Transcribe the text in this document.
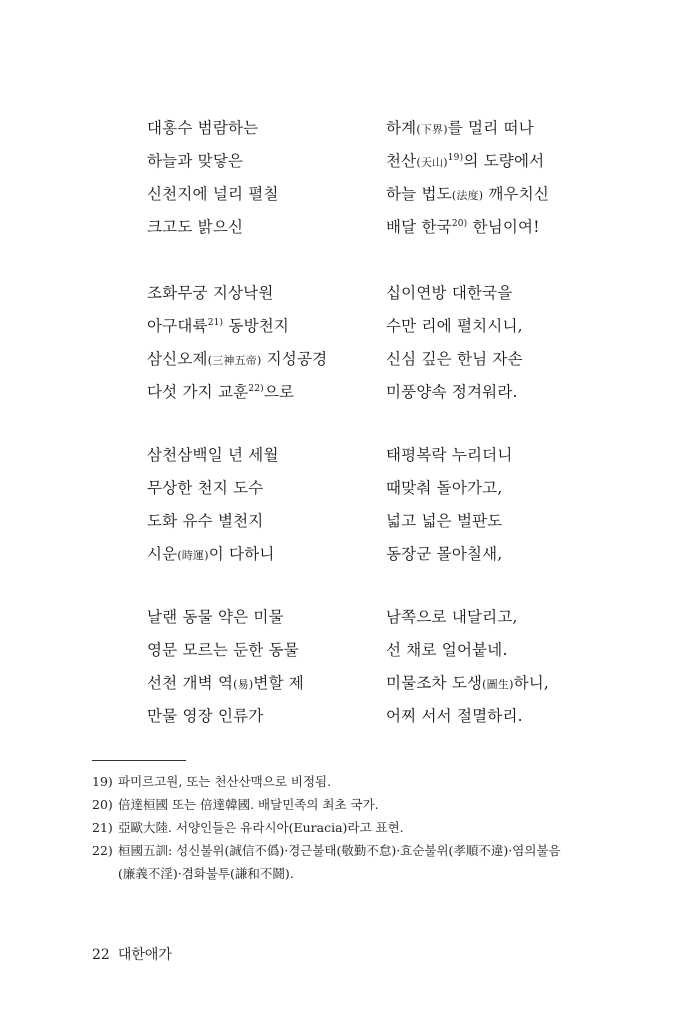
대홍수 범람하는
하늘과 맞닿은
신천지에 널리 펼칠
크고도 밝으신
하계(下界)를 멀리 떠나
천산(天山)$^{19)}$의 도량에서
하늘 법도(法度) 깨우치신
배달 한국$^{20)}$ 한님이여!
조화무궁 지상낙원
아구대륙$^{21)}$ 동방천지
삼신오제(三神五帝) 지성공경
다섯 가지 교훈$^{22)}$으로
십이연방 대한국을
수만 리에 펼치시니,
신심 깊은 한님 자손
미풍양속 정겨워라.
삼천삼백일 년 세월
무상한 천지 도수
도화 유수 별천지
시운(時運)이 다하니
태평복락 누리더니
때맞춰 돌아가고,
넓고 넓은 벌판도
동장군 몰아칠새,
날랜 동물 약은 미물
영문 모르는 둔한 동물
선천 개벽 역(易)변할 제
만물 영장 인류가
남쪽으로 내달리고,
선 채로 얼어붙네.
미물조차 도생(圖生)하니,
어찌 서서 절멸하리.
19) 파미르고원, 또는 천산산맥으로 비정됨.
20) 倍達桓國 또는 倍達韓國. 배달민족의 최초 국가.
21) 亞歐大陸. 서양인들은 유라시아(Euracia)라고 표현.
22) 桓國五訓: 성신불위(誠信不僞)·경근불태(敬勤不怠)·효순불위(孝順不違)·염의불음
(廉義不淫)·겸화불투(謙和不鬪).
22 대한애가
